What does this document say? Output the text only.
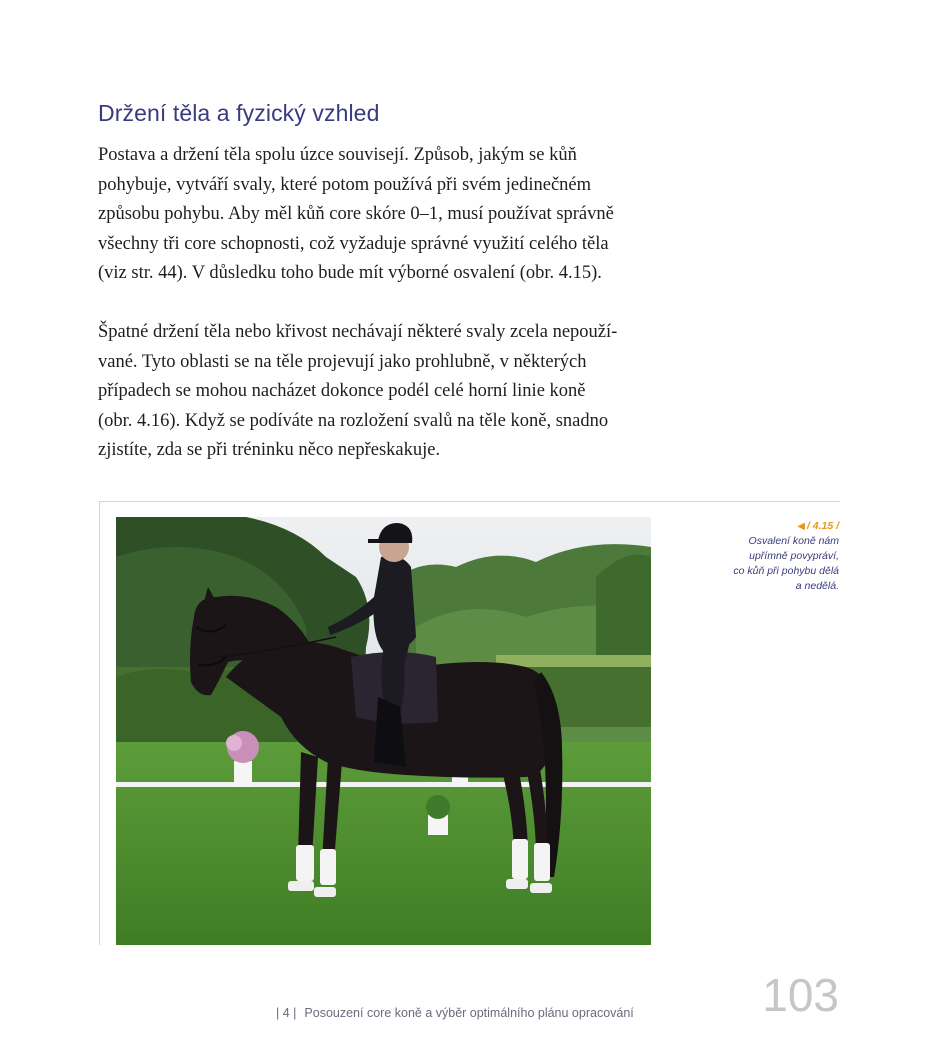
Držení těla a fyzický vzhled

Postava a držení těla spolu úzce souvisejí. Způsob, jakým se kůň
pohybuje, vytváří svaly, které potom používá při svém jedinečném
způsobu pohybu. Aby měl kůň core skóre 0–1, musí používat správně
všechny tři core schopnosti, což vyžaduje správné využití celého těla
(viz str. 44). V důsledku toho bude mít výborné osvalení (obr. 4.15).

Špatné držení těla nebo křivost nechávají některé svaly zcela nepouží-
vané. Tyto oblasti se na těle projevují jako prohlubně, v některých
případech se mohou nacházet dokonce podél celé horní linie koně
(obr. 4.16). Když se podíváte na rozložení svalů na těle koně, snadno
zjistíte, zda se při tréninku něco nepřeskakuje.

◀ / 4.15 /
Osvalení koně nám
upřímně povypráví,
co kůň při pohybu dělá
a nedělá.
| 4 | Posouzení core koně a výběr optimálního plánu opracování	103
